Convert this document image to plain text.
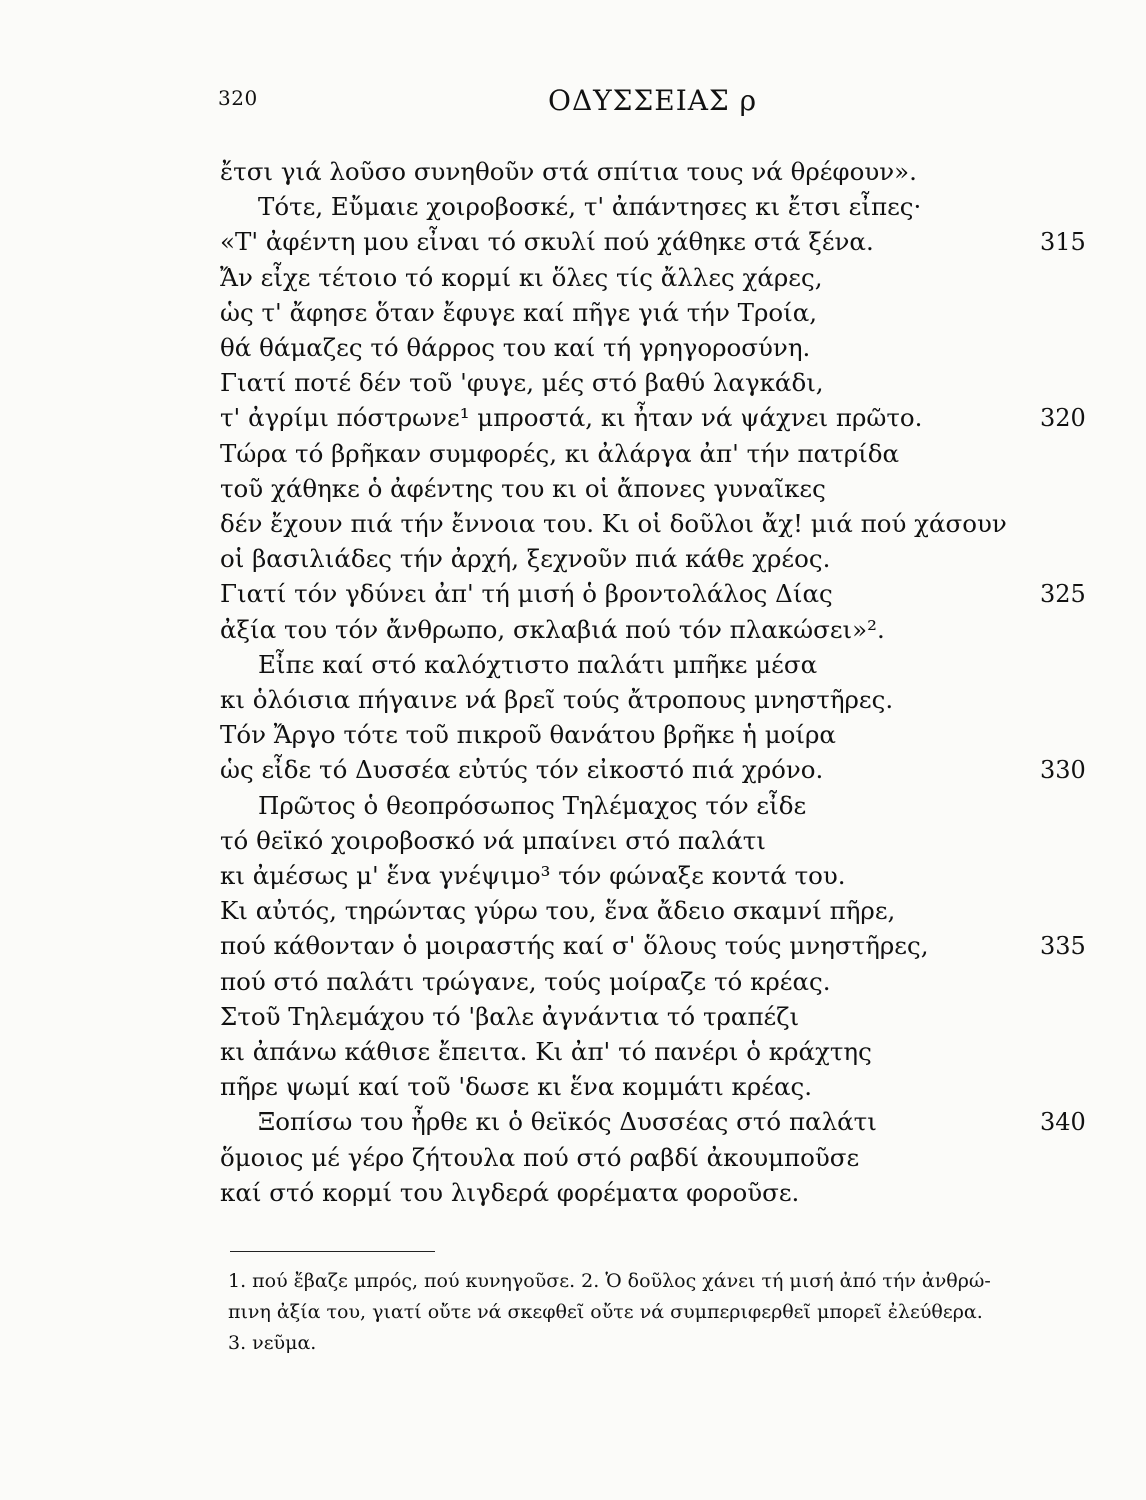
320	ΟΔΥΣΣΕΙΑΣ ρ
ἔτσι γιά λοῦσο συνηθοῦν στά σπίτια τους νά θρέφουν».
Τότε, Εὔμαιε χοιροβοσκέ, τ' ἀπάντησες κι ἔτσι εἶπες·
«Τ' ἀφέντη μου εἶναι τό σκυλί πού χάθηκε στά ξένα.	315
Ἄν εἶχε τέτοιο τό κορμί κι ὅλες τίς ἄλλες χάρες,
ὡς τ' ἄφησε ὅταν ἔφυγε καί πῆγε γιά τήν Τροία,
θά θάμαζες τό θάρρος του καί τή γρηγοροσύνη.
Γιατί ποτέ δέν τοῦ 'φυγε, μές στό βαθύ λαγκάδι,
τ' ἀγρίμι πόστρωνε¹ μπροστά, κι ἦταν νά ψάχνει πρῶτο.	320
Τώρα τό βρῆκαν συμφορές, κι ἀλάργα ἀπ' τήν πατρίδα
τοῦ χάθηκε ὁ ἀφέντης του κι οἱ ἄπονες γυναῖκες
δέν ἔχουν πιά τήν ἔννοια του. Κι οἱ δοῦλοι ἄχ! μιά πού χάσουν
οἱ βασιλιάδες τήν ἀρχή, ξεχνοῦν πιά κάθε χρέος.
Γιατί τόν γδύνει ἀπ' τή μισή ὁ βροντολάλος Δίας	325
ἀξία του τόν ἄνθρωπο, σκλαβιά πού τόν πλακώσει»².
Εἶπε καί στό καλόχτιστο παλάτι μπῆκε μέσα
κι ὁλόισια πήγαινε νά βρεῖ τούς ἄτροπους μνηστῆρες.
Τόν Ἄργο τότε τοῦ πικροῦ θανάτου βρῆκε ἡ μοίρα
ὡς εἶδε τό Δυσσέα εὐτύς τόν εἰκοστό πιά χρόνο.	330
Πρῶτος ὁ θεοπρόσωπος Τηλέμαχος τόν εἶδε
τό θεϊκό χοιροβοσκό νά μπαίνει στό παλάτι
κι ἀμέσως μ' ἕνα γνέψιμο³ τόν φώναξε κοντά του.
Κι αὐτός, τηρώντας γύρω του, ἕνα ἄδειο σκαμνί πῆρε,
πού κάθονταν ὁ μοιραστής καί σ' ὅλους τούς μνηστῆρες,	335
πού στό παλάτι τρώγανε, τούς μοίραζε τό κρέας.
Στοῦ Τηλεμάχου τό 'βαλε ἀγνάντια τό τραπέζι
κι ἀπάνω κάθισε ἔπειτα. Κι ἀπ' τό πανέρι ὁ κράχτης
πῆρε ψωμί καί τοῦ 'δωσε κι ἕνα κομμάτι κρέας.
Ξοπίσω του ἦρθε κι ὁ θεϊκός Δυσσέας στό παλάτι	340
ὅμοιος μέ γέρο ζήτουλα πού στό ραβδί ἀκουμποῦσε
καί στό κορμί του λιγδερά φορέματα φοροῦσε.
1. πού ἔβαζε μπρός, πού κυνηγοῦσε. 2. Ὁ δοῦλος χάνει τή μισή ἀπό τήν ἀνθρώ-
πινη ἀξία του, γιατί οὔτε νά σκεφθεῖ οὔτε νά συμπεριφερθεῖ μπορεῖ ἐλεύθερα.
3. νεῦμα.
